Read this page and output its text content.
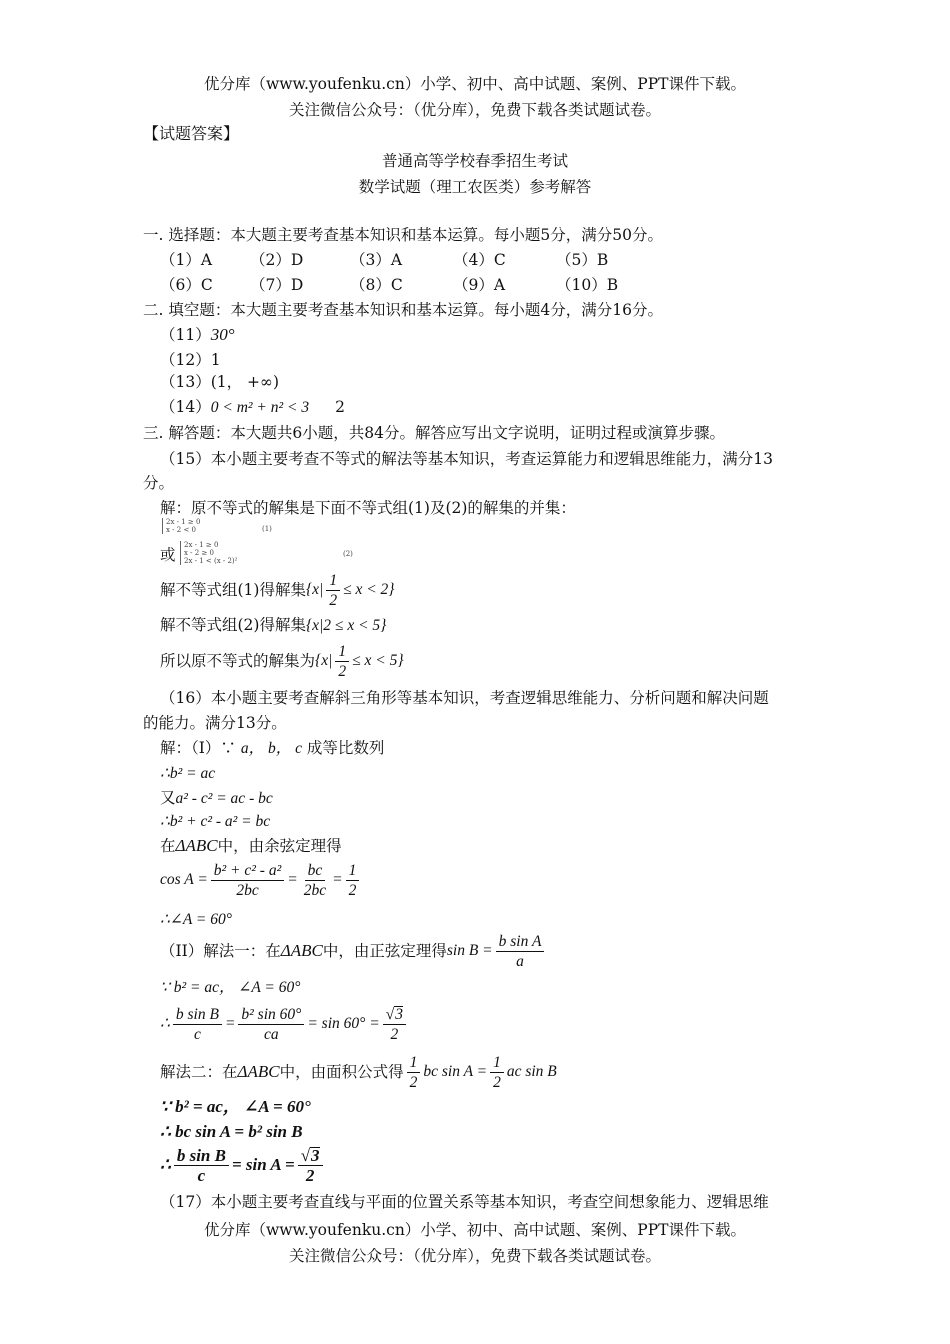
优分库（www.youfenku.cn）小学、初中、高中试题、案例、PPT课件下载。
关注微信公众号：（优分库），免费下载各类试题试卷。
【试题答案】
普通高等学校春季招生考试
数学试题（理工农医类）参考解答
一. 选择题：本大题主要考查基本知识和基本运算。每小题5分，满分50分。
（1）A （2）D	（3）A	（4）C	（5）B
（6）C （7）D	（8）C	（9）A	（10）B
二. 填空题：本大题主要考查基本知识和基本运算。每小题4分，满分16分。
（11）30°
（12）1
（13）(1， +∞)
（14）0 < m² + n² < 3 2
三. 解答题：本大题共6小题，共84分。解答应写出文字说明，证明过程或演算步骤。
（15）本小题主要考查不等式的解法等基本知识，考查运算能力和逻辑思维能力，满分13
分。
解：原不等式的解集是下面不等式组(1)及(2)的解集的并集：
2x - 1 ≥ 0
x - 2 < 0	(1)
或
2x - 1 ≥ 0
x - 2 ≥ 0
2x - 1 < (x - 2)²
(2)
解不等式组(1)得解集 $\{x| \frac{1}{2} \le x < 2\}$
解不等式组(2)得解集{x|2 ≤ x < 5}
所以原不等式的解集为 $\{x| \frac{1}{2} \le x < 5\}$
（16）本小题主要考查解斜三角形等基本知识，考查逻辑思维能力、分析问题和解决问题
的能力。满分13分。
解：（I）∵ a， b， c 成等比数列
∴b² = ac
又a² - c² = ac - bc
∴b² + c² - a² = bc
在ΔABC中，由余弦定理得
$\cos A = \frac{\text{b² + c² - a²}}{2bc} = \frac{bc}{2bc} = \frac{1}{2}$
∴∠A = 60°
（II）解法一：在 ΔABC 中，由正弦定理得 $\sin B = \frac{\text{b sin A}}{a}$
∵ b² = ac， ∠A = 60°
∴ $\frac{\text{b sin B}}{c} = \frac{\text{b² sin 60°}}{ca} = \sin 60^\circ = \frac{√3}{2}$
解法二：在 ΔABC 中，由面积公式得 $\frac{1}{2}$ bc $\sin A = \frac{1}{2}$ ac sin B
∵ b² = ac， ∠A = 60°
∴ bc sin A = b² sin B
∴ $\frac{\text{b sin B}}{c} = \sin A = \frac{√3}{2}$
（17）本小题主要考查直线与平面的位置关系等基本知识，考查空间想象能力、逻辑思维
优分库（www.youfenku.cn）小学、初中、高中试题、案例、PPT课件下载。
关注微信公众号：（优分库），免费下载各类试题试卷。
